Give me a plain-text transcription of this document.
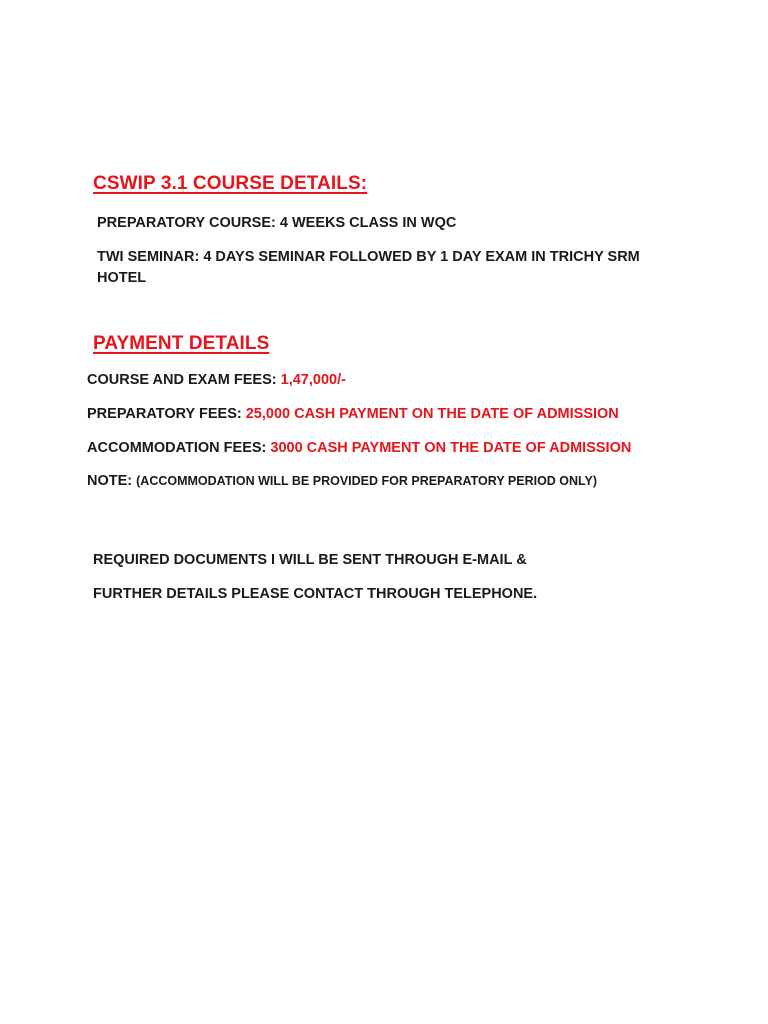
CSWIP 3.1 COURSE DETAILS:

PREPARATORY COURSE: 4 WEEKS CLASS IN WQC

TWI SEMINAR: 4 DAYS SEMINAR FOLLOWED BY 1 DAY EXAM IN TRICHY SRM HOTEL

PAYMENT DETAILS

COURSE AND EXAM FEES: 1,47,000/-

PREPARATORY FEES: 25,000 CASH PAYMENT ON THE DATE OF ADMISSION

ACCOMMODATION FEES: 3000 CASH PAYMENT ON THE DATE OF ADMISSION

NOTE: (ACCOMMODATION WILL BE PROVIDED FOR PREPARATORY PERIOD ONLY)

REQUIRED DOCUMENTS I WILL BE SENT THROUGH E-MAIL &

FURTHER DETAILS PLEASE CONTACT THROUGH TELEPHONE.
